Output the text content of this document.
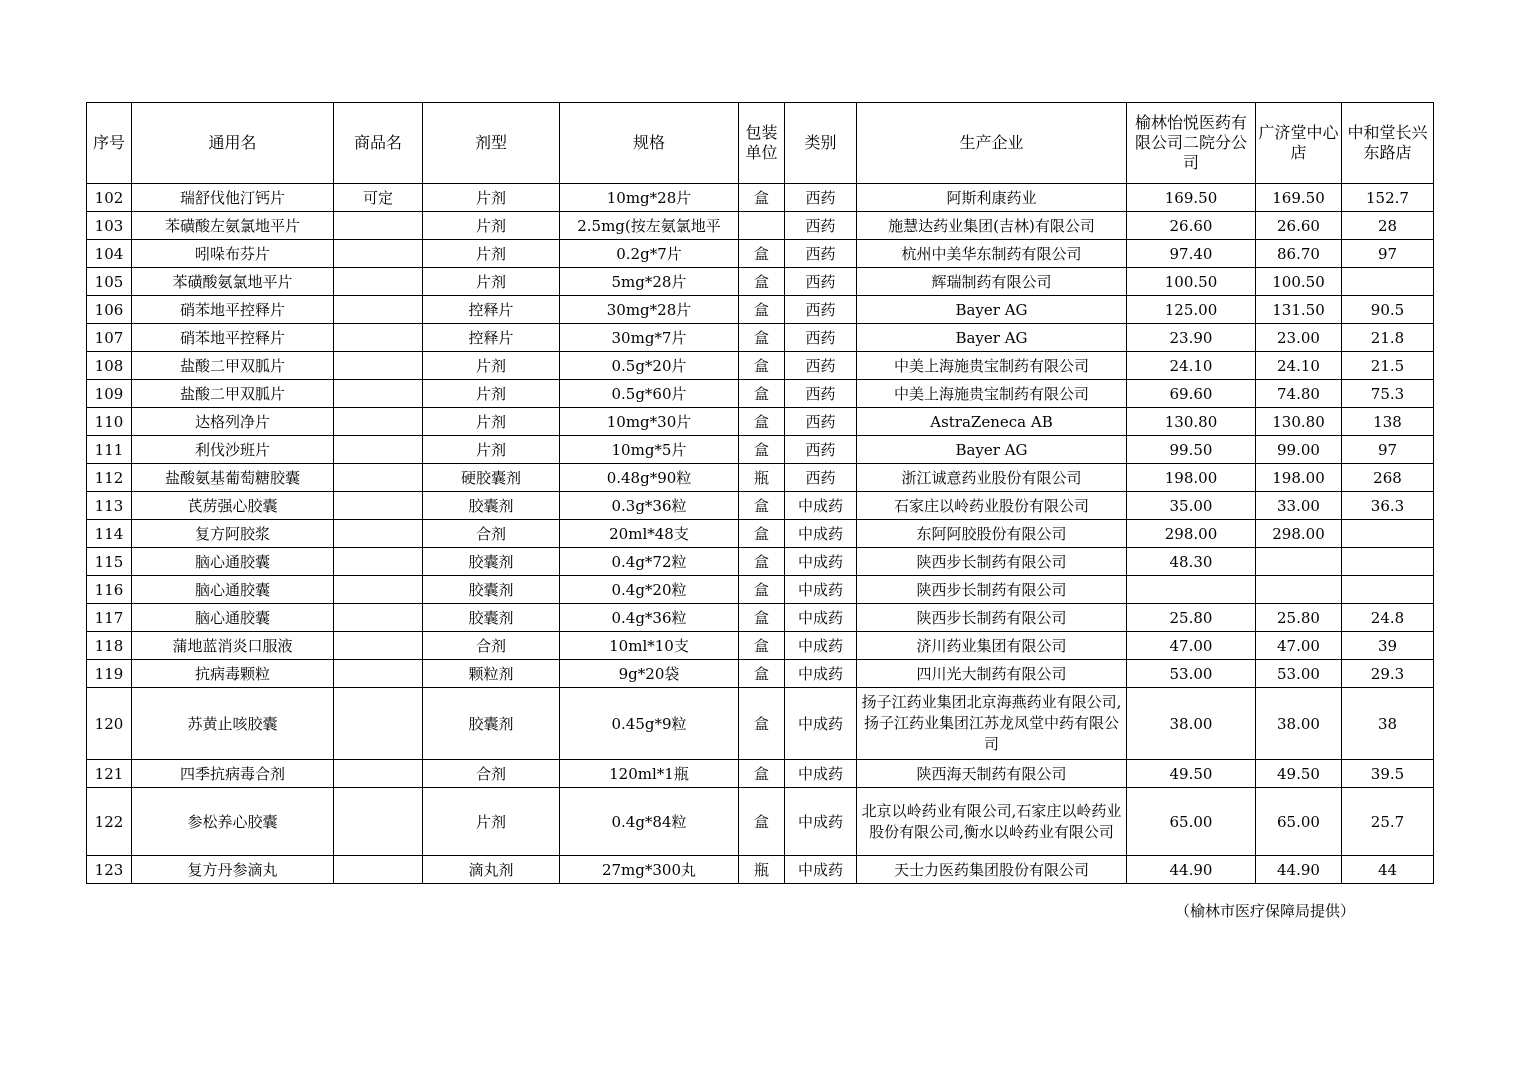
序号	通用名	商品名	剂型	规格	包装单位	类别	生产企业	榆林怡悦医药有限公司二院分公司	广济堂中心店	中和堂长兴东路店
102	瑞舒伐他汀钙片	可定	片剂	10mg*28片	盒	西药	阿斯利康药业	169.50	169.50	152.7
103	苯磺酸左氨氯地平片		片剂	2.5mg(按左氨氯地平		西药	施慧达药业集团(吉林)有限公司	26.60	26.60	28
104	吲哚布芬片		片剂	0.2g*7片	盒	西药	杭州中美华东制药有限公司	97.40	86.70	97
105	苯磺酸氨氯地平片		片剂	5mg*28片	盒	西药	辉瑞制药有限公司	100.50	100.50	
106	硝苯地平控释片		控释片	30mg*28片	盒	西药	Bayer AG	125.00	131.50	90.5
107	硝苯地平控释片		控释片	30mg*7片	盒	西药	Bayer AG	23.90	23.00	21.8
108	盐酸二甲双胍片		片剂	0.5g*20片	盒	西药	中美上海施贵宝制药有限公司	24.10	24.10	21.5
109	盐酸二甲双胍片		片剂	0.5g*60片	盒	西药	中美上海施贵宝制药有限公司	69.60	74.80	75.3
110	达格列净片		片剂	10mg*30片	盒	西药	AstraZeneca AB	130.80	130.80	138
111	利伐沙班片		片剂	10mg*5片	盒	西药	Bayer AG	99.50	99.00	97
112	盐酸氨基葡萄糖胶囊		硬胶囊剂	0.48g*90粒	瓶	西药	浙江诚意药业股份有限公司	198.00	198.00	268
113	芪苈强心胶囊		胶囊剂	0.3g*36粒	盒	中成药	石家庄以岭药业股份有限公司	35.00	33.00	36.3
114	复方阿胶浆		合剂	20ml*48支	盒	中成药	东阿阿胶股份有限公司	298.00	298.00	
115	脑心通胶囊		胶囊剂	0.4g*72粒	盒	中成药	陕西步长制药有限公司	48.30		
116	脑心通胶囊		胶囊剂	0.4g*20粒	盒	中成药	陕西步长制药有限公司			
117	脑心通胶囊		胶囊剂	0.4g*36粒	盒	中成药	陕西步长制药有限公司	25.80	25.80	24.8
118	蒲地蓝消炎口服液		合剂	10ml*10支	盒	中成药	济川药业集团有限公司	47.00	47.00	39
119	抗病毒颗粒		颗粒剂	9g*20袋	盒	中成药	四川光大制药有限公司	53.00	53.00	29.3
120	苏黄止咳胶囊		胶囊剂	0.45g*9粒	盒	中成药	扬子江药业集团北京海燕药业有限公司,扬子江药业集团江苏龙凤堂中药有限公司	38.00	38.00	38
121	四季抗病毒合剂		合剂	120ml*1瓶	盒	中成药	陕西海天制药有限公司	49.50	49.50	39.5
122	参松养心胶囊		片剂	0.4g*84粒	盒	中成药	北京以岭药业有限公司,石家庄以岭药业股份有限公司,衡水以岭药业有限公司	65.00	65.00	25.7
123	复方丹参滴丸		滴丸剂	27mg*300丸	瓶	中成药	天士力医药集团股份有限公司	44.90	44.90	44
（榆林市医疗保障局提供）
